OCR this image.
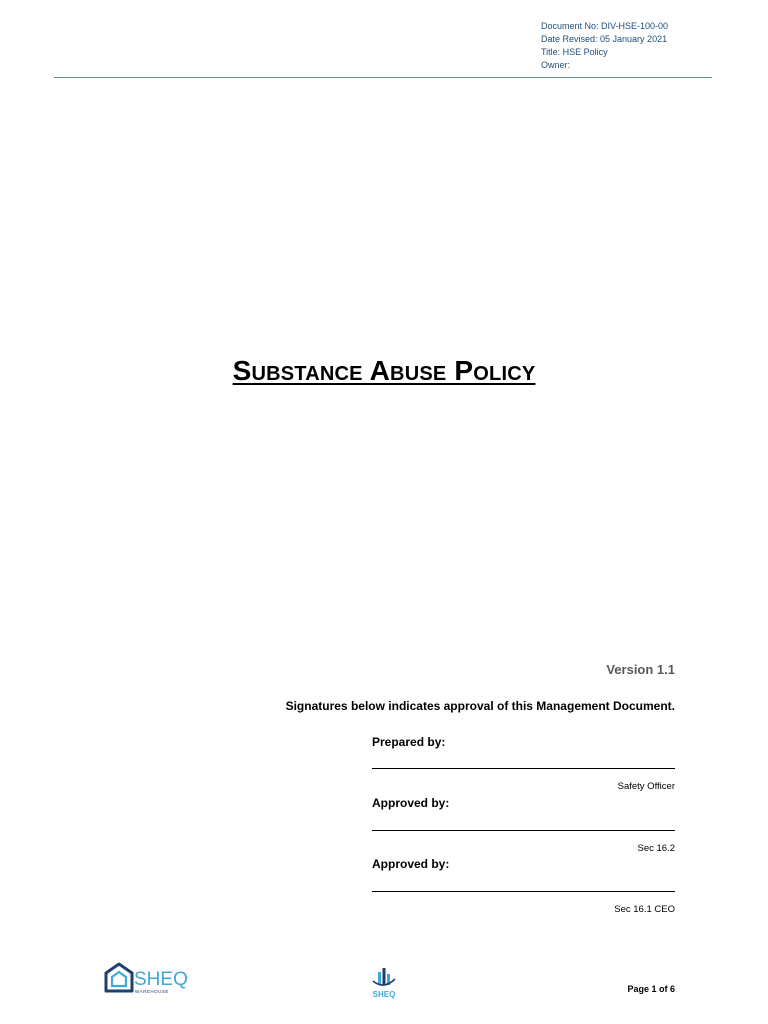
Document No: DIV-HSE-100-00
Date Revised: 05 January 2021
Title: HSE Policy
Owner:
Substance Abuse Policy
Version 1.1
Signatures below indicates approval of this Management Document.
Prepared by:
Safety Officer
Approved by:
Sec 16.2
Approved by:
Sec 16.1 CEO
SHEQ
WAREHOUSE	SHEQ
Page 1 of 6
